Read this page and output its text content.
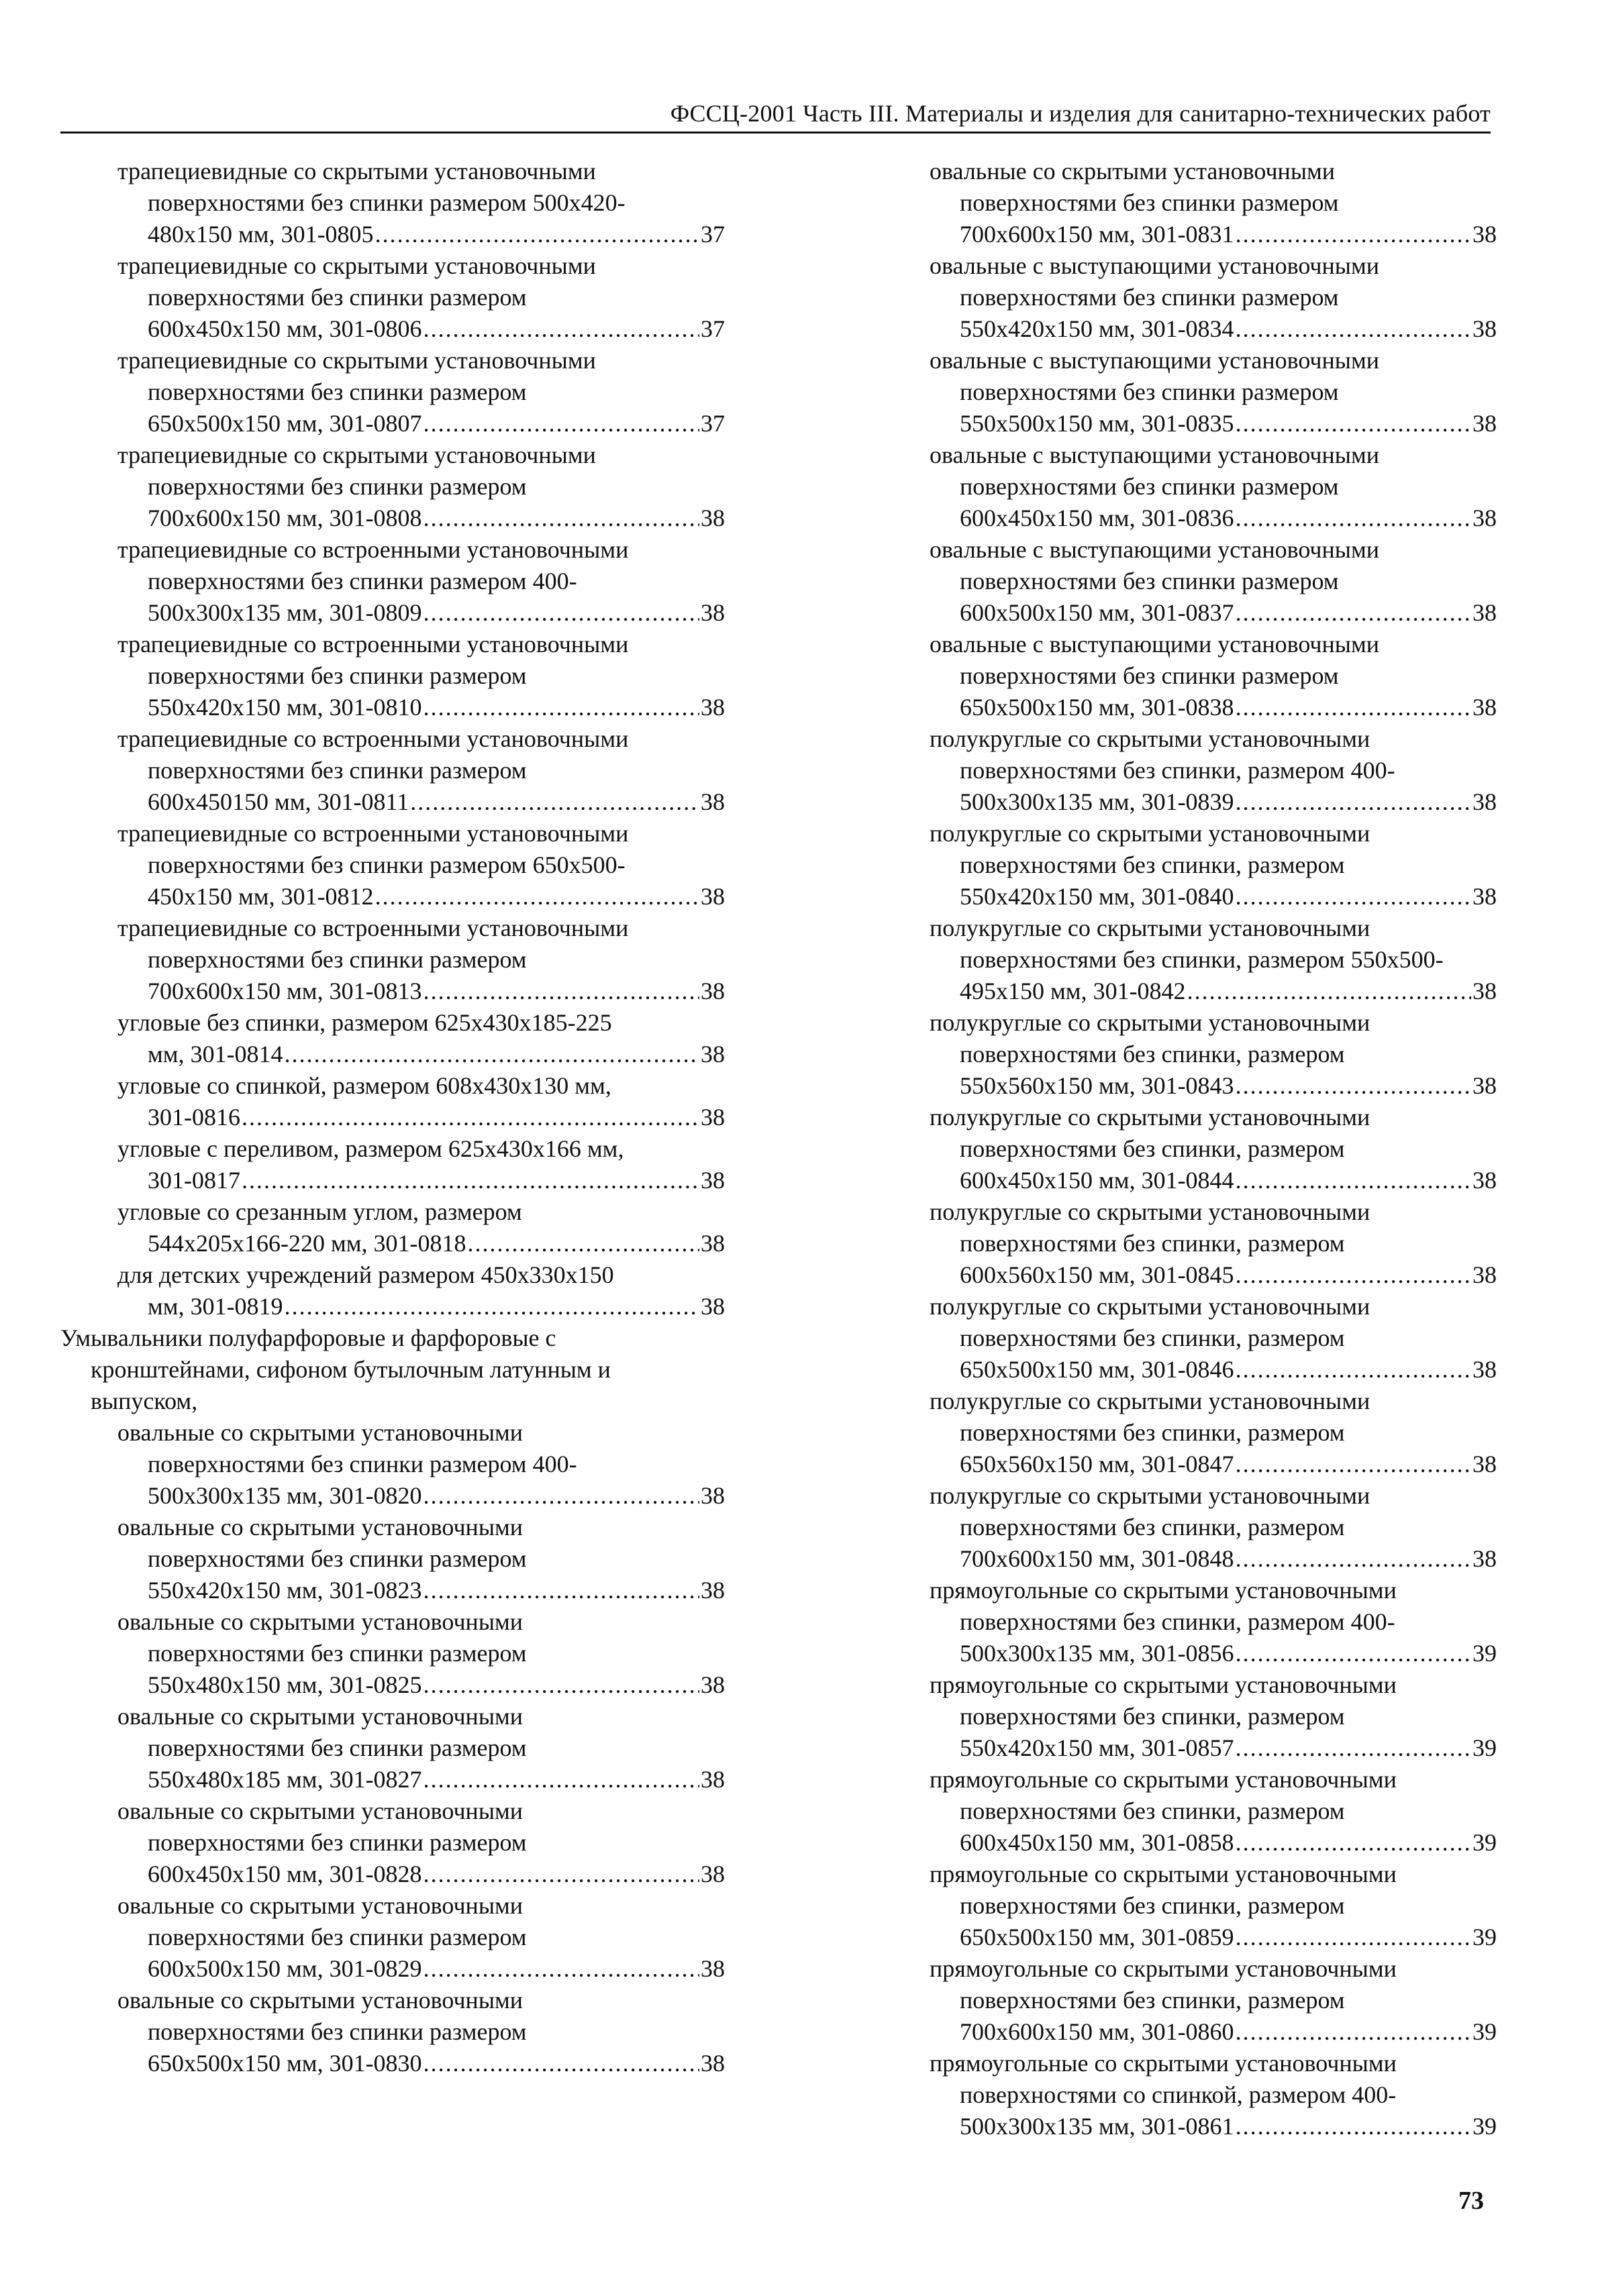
ФССЦ-2001 Часть III. Материалы и изделия для санитарно-технических работ
трапециевидные со скрытыми установочными
поверхностями без спинки размером 500х420-
480х150 мм, 301-0805 .....	37
трапециевидные со скрытыми установочными
поверхностями без спинки размером
600х450х150 мм, 301-0806 .....	37
трапециевидные со скрытыми установочными
поверхностями без спинки размером
650х500х150 мм, 301-0807 .....	37
трапециевидные со скрытыми установочными
поверхностями без спинки размером
700х600х150 мм, 301-0808 .....	38
трапециевидные со встроенными установочными
поверхностями без спинки размером 400-
500х300х135 мм, 301-0809 .....	38
трапециевидные со встроенными установочными
поверхностями без спинки размером
550х420х150 мм, 301-0810 .....	38
трапециевидные со встроенными установочными
поверхностями без спинки размером
600х450150 мм, 301-0811 .....	38
трапециевидные со встроенными установочными
поверхностями без спинки размером 650х500-
450х150 мм, 301-0812 .....	38
трапециевидные со встроенными установочными
поверхностями без спинки размером
700х600х150 мм, 301-0813 .....	38
угловые без спинки, размером 625х430х185-225
мм, 301-0814 .....	38
угловые со спинкой, размером 608х430х130 мм,
301-0816 .....	38
угловые с переливом, размером 625х430х166 мм,
301-0817 .....	38
угловые со срезанным углом, размером
544х205х166-220 мм, 301-0818 .....	38
для детских учреждений размером 450х330х150
мм, 301-0819 .....	38
Умывальники полуфарфоровые и фарфоровые с
кронштейнами, сифоном бутылочным латунным и
выпуском,
овальные со скрытыми установочными
поверхностями без спинки размером 400-
500х300х135 мм, 301-0820 .....	38
овальные со скрытыми установочными
поверхностями без спинки размером
550х420х150 мм, 301-0823 .....	38
овальные со скрытыми установочными
поверхностями без спинки размером
550х480х150 мм, 301-0825 .....	38
овальные со скрытыми установочными
поверхностями без спинки размером
550х480х185 мм, 301-0827 .....	38
овальные со скрытыми установочными
поверхностями без спинки размером
600х450х150 мм, 301-0828 .....	38
овальные со скрытыми установочными
поверхностями без спинки размером
600х500х150 мм, 301-0829 .....	38
овальные со скрытыми установочными
поверхностями без спинки размером
650х500х150 мм, 301-0830 .....	38
овальные со скрытыми установочными
поверхностями без спинки размером
700х600х150 мм, 301-0831 .....	38
овальные с выступающими установочными
поверхностями без спинки размером
550х420х150 мм, 301-0834 .....	38
овальные с выступающими установочными
поверхностями без спинки размером
550х500х150 мм, 301-0835 .....	38
овальные с выступающими установочными
поверхностями без спинки размером
600х450х150 мм, 301-0836 .....	38
овальные с выступающими установочными
поверхностями без спинки размером
600х500х150 мм, 301-0837 .....	38
овальные с выступающими установочными
поверхностями без спинки размером
650х500х150 мм, 301-0838 .....	38
полукруглые со скрытыми установочными
поверхностями без спинки, размером 400-
500х300х135 мм, 301-0839 .....	38
полукруглые со скрытыми установочными
поверхностями без спинки, размером
550х420х150 мм, 301-0840 .....	38
полукруглые со скрытыми установочными
поверхностями без спинки, размером 550х500-
495х150 мм, 301-0842 .....	38
полукруглые со скрытыми установочными
поверхностями без спинки, размером
550х560х150 мм, 301-0843 .....	38
полукруглые со скрытыми установочными
поверхностями без спинки, размером
600х450х150 мм, 301-0844 .....	38
полукруглые со скрытыми установочными
поверхностями без спинки, размером
600х560х150 мм, 301-0845 .....	38
полукруглые со скрытыми установочными
поверхностями без спинки, размером
650х500х150 мм, 301-0846 .....	38
полукруглые со скрытыми установочными
поверхностями без спинки, размером
650х560х150 мм, 301-0847 .....	38
полукруглые со скрытыми установочными
поверхностями без спинки, размером
700х600х150 мм, 301-0848 .....	38
прямоугольные со скрытыми установочными
поверхностями без спинки, размером 400-
500х300х135 мм, 301-0856 .....	39
прямоугольные со скрытыми установочными
поверхностями без спинки, размером
550х420х150 мм, 301-0857 .....	39
прямоугольные со скрытыми установочными
поверхностями без спинки, размером
600х450х150 мм, 301-0858 .....	39
прямоугольные со скрытыми установочными
поверхностями без спинки, размером
650х500х150 мм, 301-0859 .....	39
прямоугольные со скрытыми установочными
поверхностями без спинки, размером
700х600х150 мм, 301-0860 .....	39
прямоугольные со скрытыми установочными
поверхностями со спинкой, размером 400-
500х300х135 мм, 301-0861 .....	39
73
